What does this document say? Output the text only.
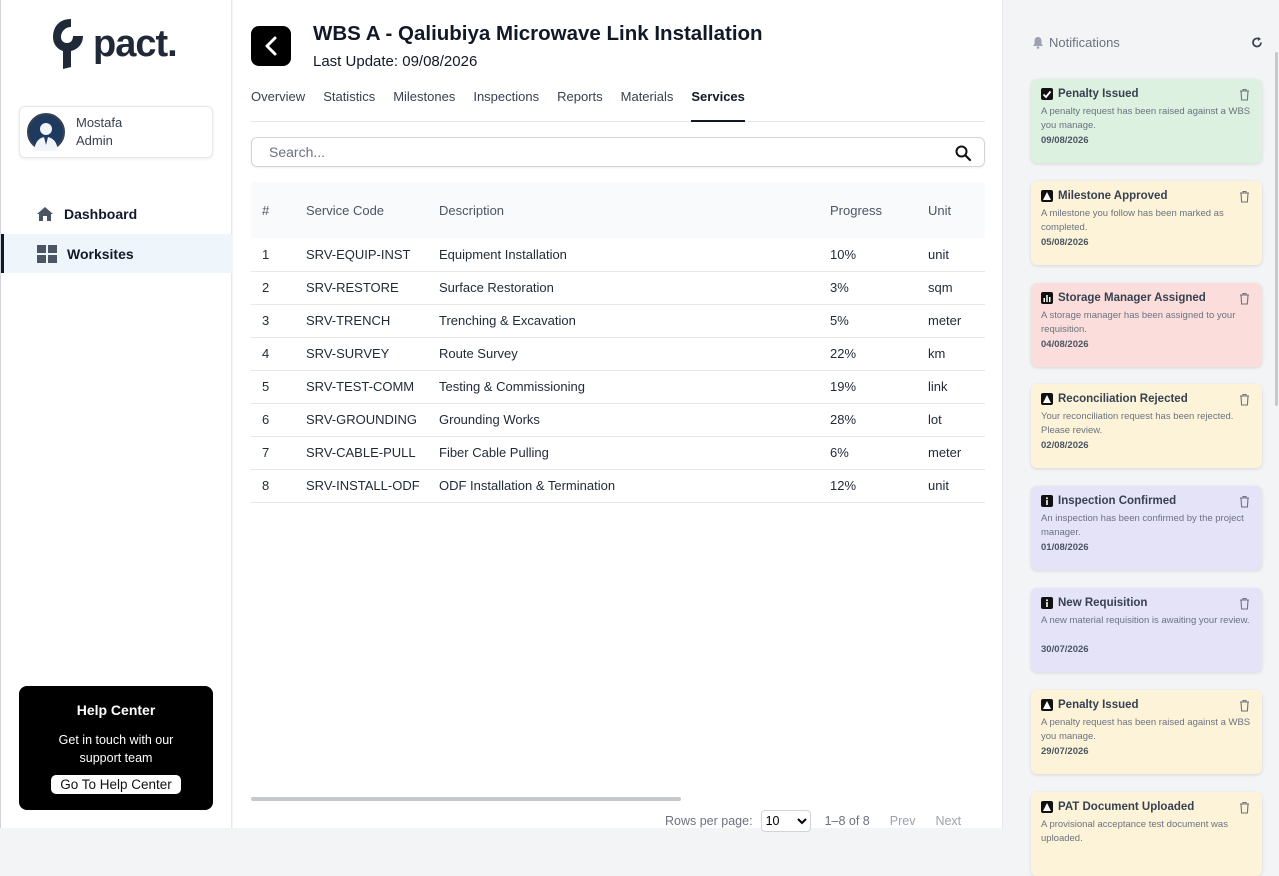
pact.
Mostafa
Admin
Dashboard
Worksites
Help Center
Get in touch with our
support team
Go To Help Center
WBS A - Qaliubiya Microwave Link Installation
Last Update: 09/08/2026
Overview Statistics Milestones Inspections Reports Materials Services
Search...
#	Service Code	Description	Progress	Unit
1	SRV-EQUIP-INST	Equipment Installation	10%	unit
2	SRV-RESTORE	Surface Restoration	3%	sqm
3	SRV-TRENCH	Trenching & Excavation	5%	meter
4	SRV-SURVEY	Route Survey	22%	km
5	SRV-TEST-COMM	Testing & Commissioning	19%	link
6	SRV-GROUNDING	Grounding Works	28%	lot
7	SRV-CABLE-PULL	Fiber Cable Pulling	6%	meter
8	SRV-INSTALL-ODF	ODF Installation & Termination	12%	unit
Rows per page:
10	1–8 of 8 Prev Next
Notifications
Penalty Issued
A penalty request has been raised against a WBS you manage.
09/08/2026
Milestone Approved
A milestone you follow has been marked as completed.
05/08/2026
Storage Manager Assigned
A storage manager has been assigned to your requisition.
04/08/2026
Reconciliation Rejected
Your reconciliation request has been rejected. Please review.
02/08/2026
Inspection Confirmed
An inspection has been confirmed by the project manager.
01/08/2026
New Requisition
A new material requisition is awaiting your review.
30/07/2026
Penalty Issued
A penalty request has been raised against a WBS you manage.
29/07/2026
PAT Document Uploaded
A provisional acceptance test document was uploaded.
